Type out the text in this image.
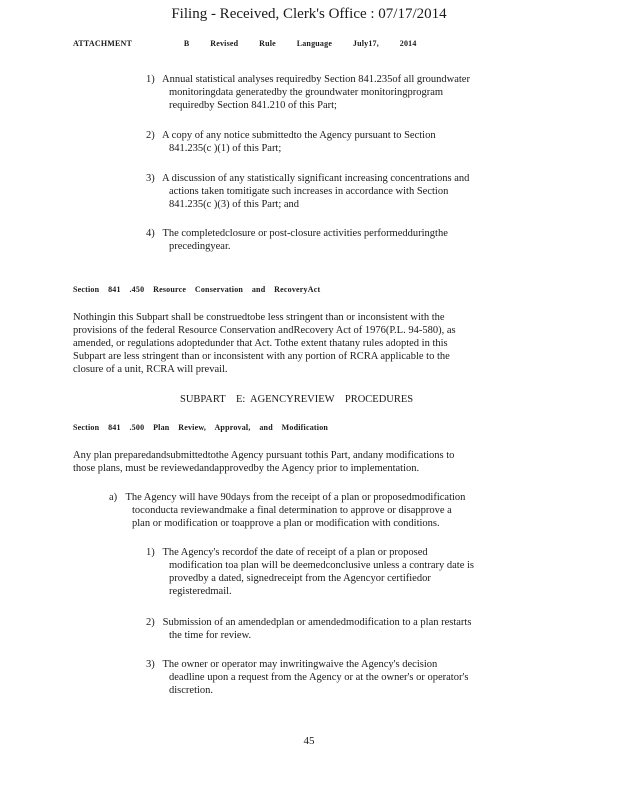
Filing - Received, Clerk's Office : 07/17/2014
ATTACHMENT          B    Revised    Rule    Language    July17,    2014
1) Annual statistical analyses requiredby Section 841.235of all groundwater
monitoringdata generatedby the groundwater monitoringprogram
requiredby Section 841.210 of this Part;
2) A copy of any notice submittedto the Agency pursuant to Section
841.235(c )(1) of this Part;
3) A discussion of any statistically significant increasing concentrations and
actions taken tomitigate such increases in accordance with Section
841.235(c )(3) of this Part; and
4) The completedclosure or post-closure activities performedduringthe
precedingyear.
Section    841    .450    Resource    Conservation    and    RecoveryAct

Nothingin this Subpart shall be construedtobe less stringent than or inconsistent with the

provisions of the federal Resource Conservation andRecovery Act of 1976(P.L. 94-580), as

amended, or regulations adoptedunder that Act. Tothe extent thatany rules adopted in this

Subpart are less stringent than or inconsistent with any portion of RCRA applicable to the

closure of a unit, RCRA will prevail.

SUBPART    E:  AGENCYREVIEW    PROCEDURES
Section    841    .500    Plan    Review,    Approval,    and    Modification

Any plan preparedandsubmittedtothe Agency pursuant tothis Part, andany modifications to

those plans, must be reviewedandapprovedby the Agency prior to implementation.

a) The Agency will have 90days from the receipt of a plan or proposedmodification
toconducta reviewandmake a final determination to approve or disapprove a
plan or modification or toapprove a plan or modification with conditions.
1) The Agency's recordof the date of receipt of a plan or proposed
modification toa plan will be deemedconclusive unless a contrary date is
provedby a dated, signedreceipt from the Agencyor certifiedor
registeredmail.
2) Submission of an amendedplan or amendedmodification to a plan restarts
the time for review.
3) The owner or operator may inwritingwaive the Agency's decision
deadline upon a request from the Agency or at the owner's or operator's
discretion.
45
